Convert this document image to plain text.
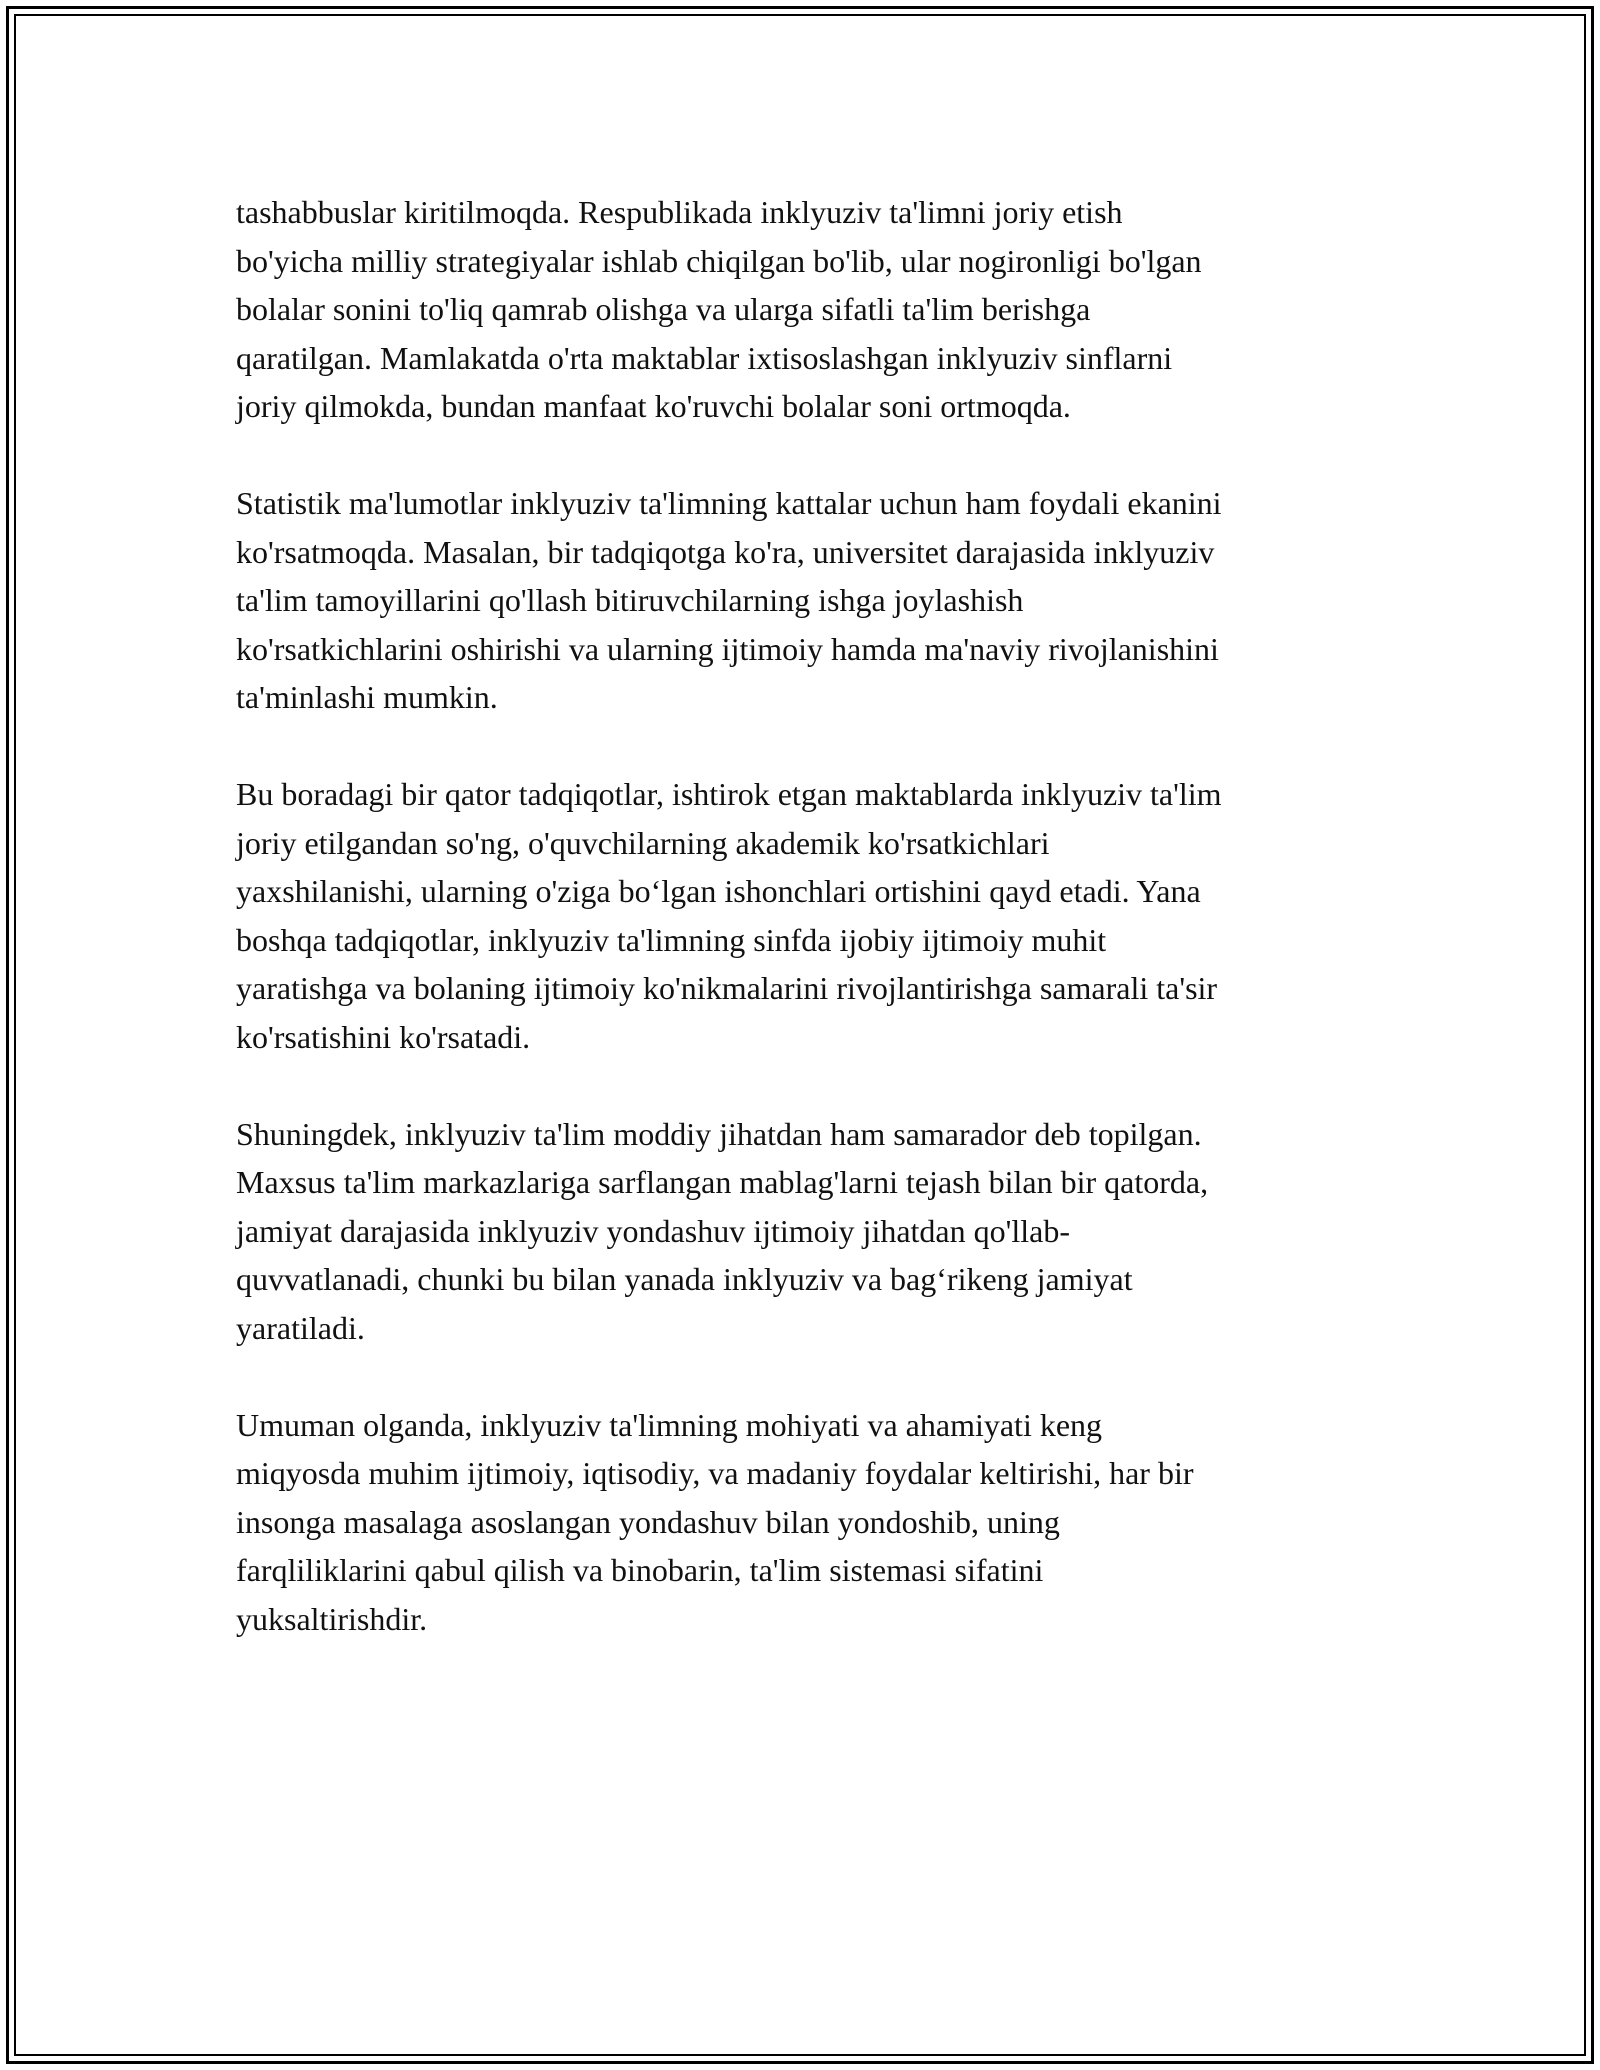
tashabbuslar kiritilmoqda. Respublikada inklyuziv ta'limni joriy etish
bo'yicha milliy strategiyalar ishlab chiqilgan bo'lib, ular nogironligi bo'lgan
bolalar sonini to'liq qamrab olishga va ularga sifatli ta'lim berishga
qaratilgan. Mamlakatda o'rta maktablar ixtisoslashgan inklyuziv sinflarni
joriy qilmokda, bundan manfaat ko'ruvchi bolalar soni ortmoqda.

Statistik ma'lumotlar inklyuziv ta'limning kattalar uchun ham foydali ekanini
ko'rsatmoqda. Masalan, bir tadqiqotga ko'ra, universitet darajasida inklyuziv
ta'lim tamoyillarini qo'llash bitiruvchilarning ishga joylashish
ko'rsatkichlarini oshirishi va ularning ijtimoiy hamda ma'naviy rivojlanishini
ta'minlashi mumkin.

Bu boradagi bir qator tadqiqotlar, ishtirok etgan maktablarda inklyuziv ta'lim
joriy etilgandan so'ng, o'quvchilarning akademik ko'rsatkichlari
yaxshilanishi, ularning o'ziga bo‘lgan ishonchlari ortishini qayd etadi. Yana
boshqa tadqiqotlar, inklyuziv ta'limning sinfda ijobiy ijtimoiy muhit
yaratishga va bolaning ijtimoiy ko'nikmalarini rivojlantirishga samarali ta'sir
ko'rsatishini ko'rsatadi.

Shuningdek, inklyuziv ta'lim moddiy jihatdan ham samarador deb topilgan.
Maxsus ta'lim markazlariga sarflangan mablag'larni tejash bilan bir qatorda,
jamiyat darajasida inklyuziv yondashuv ijtimoiy jihatdan qo'llab-
quvvatlanadi, chunki bu bilan yanada inklyuziv va bag‘rikeng jamiyat
yaratiladi.

Umuman olganda, inklyuziv ta'limning mohiyati va ahamiyati keng
miqyosda muhim ijtimoiy, iqtisodiy, va madaniy foydalar keltirishi, har bir
insonga masalaga asoslangan yondashuv bilan yondoshib, uning
farqliliklarini qabul qilish va binobarin, ta'lim sistemasi sifatini
yuksaltirishdir.
